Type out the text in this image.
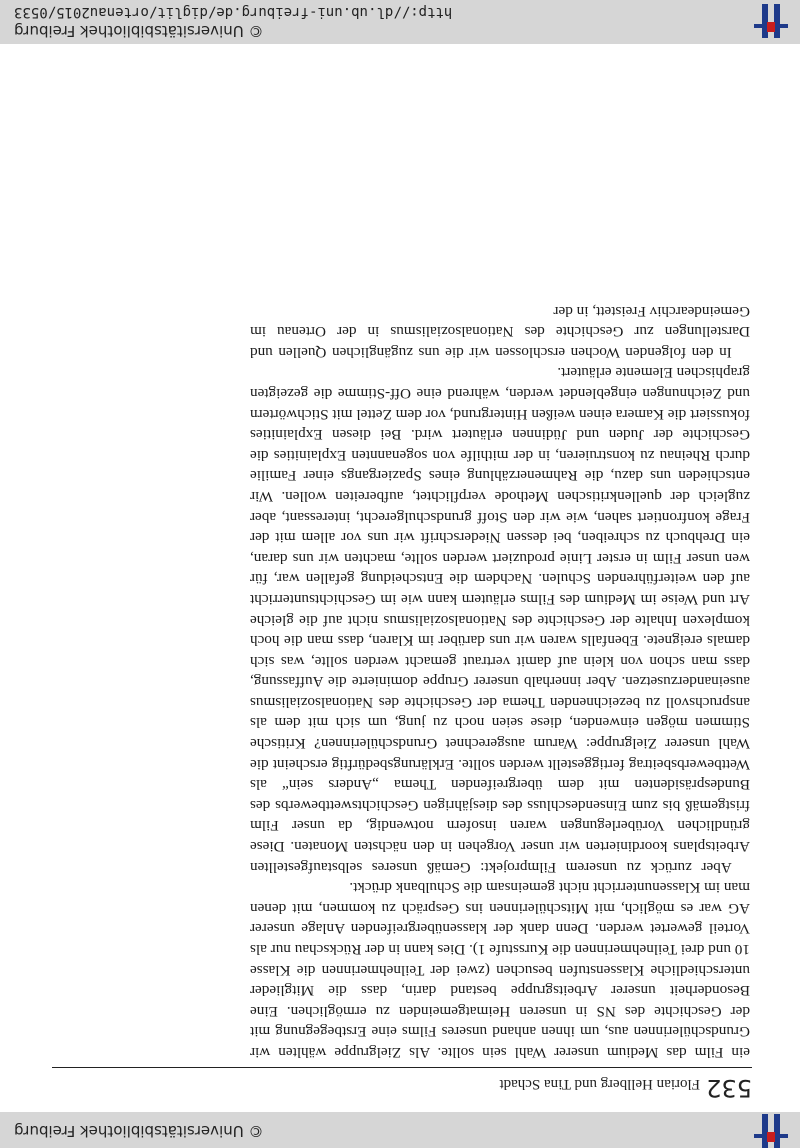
532
Florian Hellberg und Tina Schadt

ein Film das Medium unserer Wahl sein sollte. Als Zielgruppe wählten wir Grundschülerinnen aus, um ihnen anhand unseres Films eine Erstbegegnung mit der Geschichte des NS in unseren Heimatgemeinden zu ermöglichen. Eine Besonderheit unserer Arbeitsgruppe bestand darin, dass die Mitglieder unterschiedliche Klassenstufen besuchen (zwei der Teilnehmerinnen die Klasse 10 und drei Teilnehmerinnen die Kursstufe 1). Dies kann in der Rückschau nur als Vorteil gewertet werden. Denn dank der klassenübergreifenden Anlage unserer AG war es möglich, mit Mitschülerinnen ins Gespräch zu kommen, mit denen man im Klassenunterricht nicht gemeinsam die Schulbank drückt.

Aber zurück zu unserem Filmprojekt: Gemäß unseres selbstaufgestellten Arbeitsplans koordinierten wir unser Vorgehen in den nächsten Monaten. Diese gründlichen Vorüberlegungen waren insofern notwendig, da unser Film fristgemäß bis zum Einsendeschluss des diesjährigen Geschichtswettbewerbs des Bundespräsidenten mit dem übergreifenden Thema „Anders sein“ als Wettbewerbsbeitrag fertiggestellt werden sollte. Erklärungsbedürftig erscheint die Wahl unserer Zielgruppe: Warum ausgerechnet Grundschülerinnen? Kritische Stimmen mögen einwenden, diese seien noch zu jung, um sich mit dem als anspruchsvoll zu bezeichnenden Thema der Geschichte des Nationalsozialismus auseinanderzusetzen. Aber innerhalb unserer Gruppe dominierte die Auffassung, dass man schon von klein auf damit vertraut gemacht werden sollte, was sich damals ereignete. Ebenfalls waren wir uns darüber im Klaren, dass man die hoch komplexen Inhalte der Geschichte des Nationalsozialismus nicht auf die gleiche Art und Weise im Medium des Films erläutern kann wie im Geschichtsunterricht auf den weiterführenden Schulen. Nachdem die Entscheidung gefallen war, für wen unser Film in erster Linie produziert werden sollte, machten wir uns daran, ein Drehbuch zu schreiben, bei dessen Niederschrift wir uns vor allem mit der Frage konfrontiert sahen, wie wir den Stoff grundschulgerecht, interessant, aber zugleich der quellenkritischen Methode verpflichtet, aufbereiten wollen. Wir entschieden uns dazu, die Rahmenerzählung eines Spaziergangs einer Familie durch Rheinau zu konstruieren, in der mithilfe von sogenannten Explainities die Geschichte der Juden und Jüdinnen erläutert wird. Bei diesen Explainities fokussiert die Kamera einen weißen Hintergrund, vor dem Zettel mit Stichwörtern und Zeichnungen eingeblendet werden, während eine Off-Stimme die gezeigten graphischen Elemente erläutert.

In den folgenden Wochen erschlossen wir die uns zugänglichen Quellen und Darstellungen zur Geschichte des Nationalsozialismus in der Ortenau im Gemeindearchiv Freistett, in der

© Universitätsbibliothek Freiburg
http://dl.ub.uni-freiburg.de/diglit/ortenau2015/0533
© Universitätsbibliothek Freiburg
